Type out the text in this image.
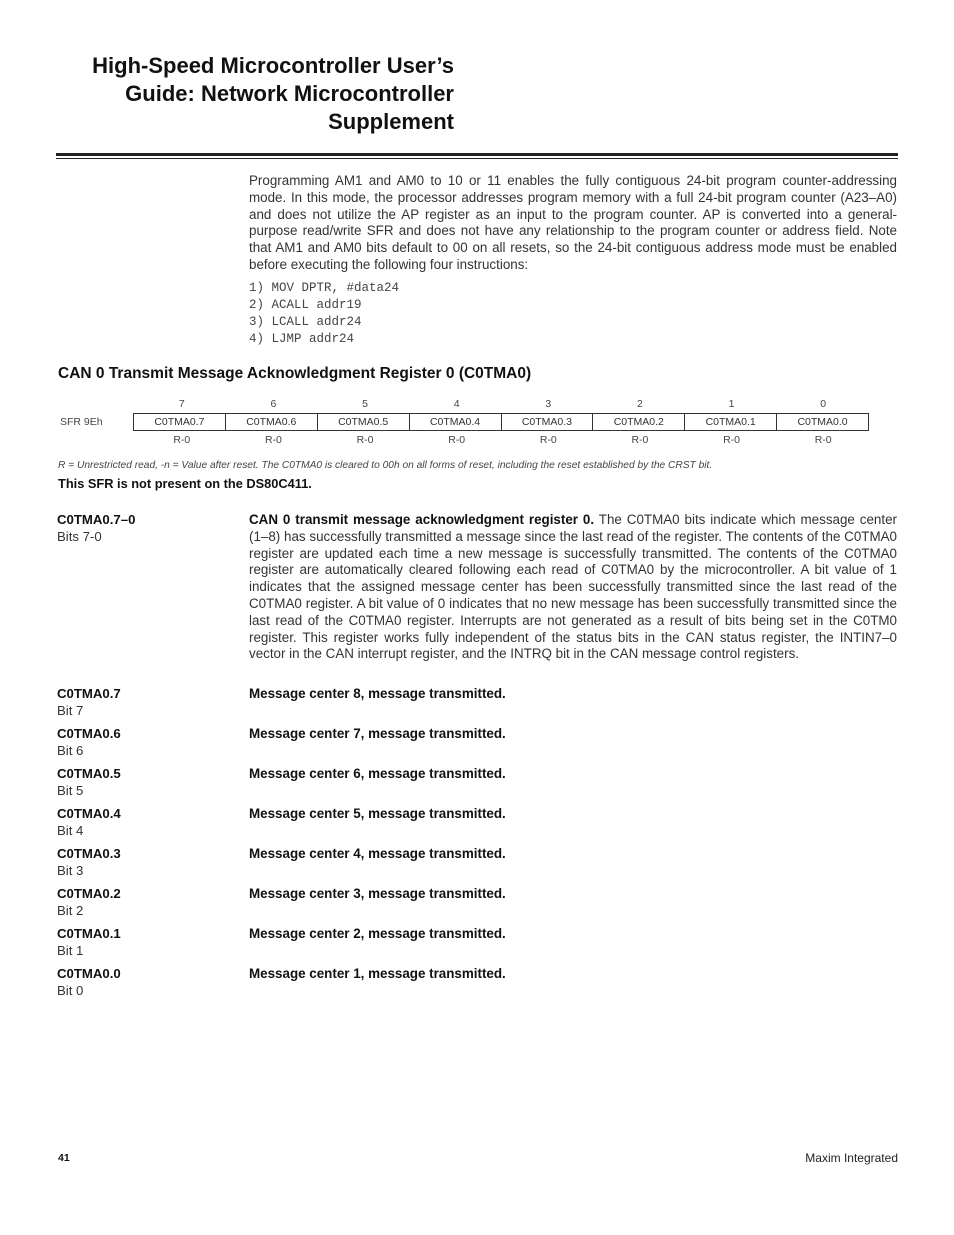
High-Speed Microcontroller User’s
Guide: Network Microcontroller
Supplement
Programming AM1 and AM0 to 10 or 11 enables the fully contiguous 24-bit program counter-addressing mode. In this mode, the processor addresses program memory with a full 24-bit program counter (A23–A0) and does not utilize the AP register as an input to the program counter. AP is converted into a general-purpose read/write SFR and does not have any relationship to the program counter or address field. Note that AM1 and AM0 bits default to 00 on all resets, so the 24-bit contiguous address mode must be enabled before executing the following four instructions:
1) MOV DPTR, #data24
2) ACALL addr19
3) LCALL addr24
4) LJMP addr24
CAN 0 Transmit Message Acknowledgment Register 0 (C0TMA0)
7	6	5	4	3	2	1	0
SFR 9Eh	C0TMA0.7	C0TMA0.6	C0TMA0.5	C0TMA0.4	C0TMA0.3	C0TMA0.2	C0TMA0.1	C0TMA0.0
R-0	R-0	R-0	R-0	R-0	R-0	R-0	R-0
R = Unrestricted read, -n = Value after reset. The C0TMA0 is cleared to 00h on all forms of reset, including the reset established by the CRST bit.
This SFR is not present on the DS80C411.
C0TMA0.7–0
Bits 7-0
CAN 0 transmit message acknowledgment register 0. The C0TMA0 bits indicate which message center (1–8) has successfully transmitted a message since the last read of the register. The contents of the C0TMA0 register are updated each time a new message is successfully transmitted. The contents of the C0TMA0 register are automatically cleared following each read of C0TMA0 by the microcontroller. A bit value of 1 indicates that the assigned message center has been successfully transmitted since the last read of the C0TMA0 register. A bit value of 0 indicates that no new message has been successfully transmitted since the last read of the C0TMA0 register. Interrupts are not generated as a result of bits being set in the C0TM0 register. This register works fully independent of the status bits in the CAN status register, the INTIN7–0 vector in the CAN interrupt register, and the INTRQ bit in the CAN message control registers.
C0TMA0.7
Bit 7
Message center 8, message transmitted.
C0TMA0.6
Bit 6
Message center 7, message transmitted.
C0TMA0.5
Bit 5
Message center 6, message transmitted.
C0TMA0.4
Bit 4
Message center 5, message transmitted.
C0TMA0.3
Bit 3
Message center 4, message transmitted.
C0TMA0.2
Bit 2
Message center 3, message transmitted.
C0TMA0.1
Bit 1
Message center 2, message transmitted.
C0TMA0.0
Bit 0
Message center 1, message transmitted.
41	Maxim Integrated
